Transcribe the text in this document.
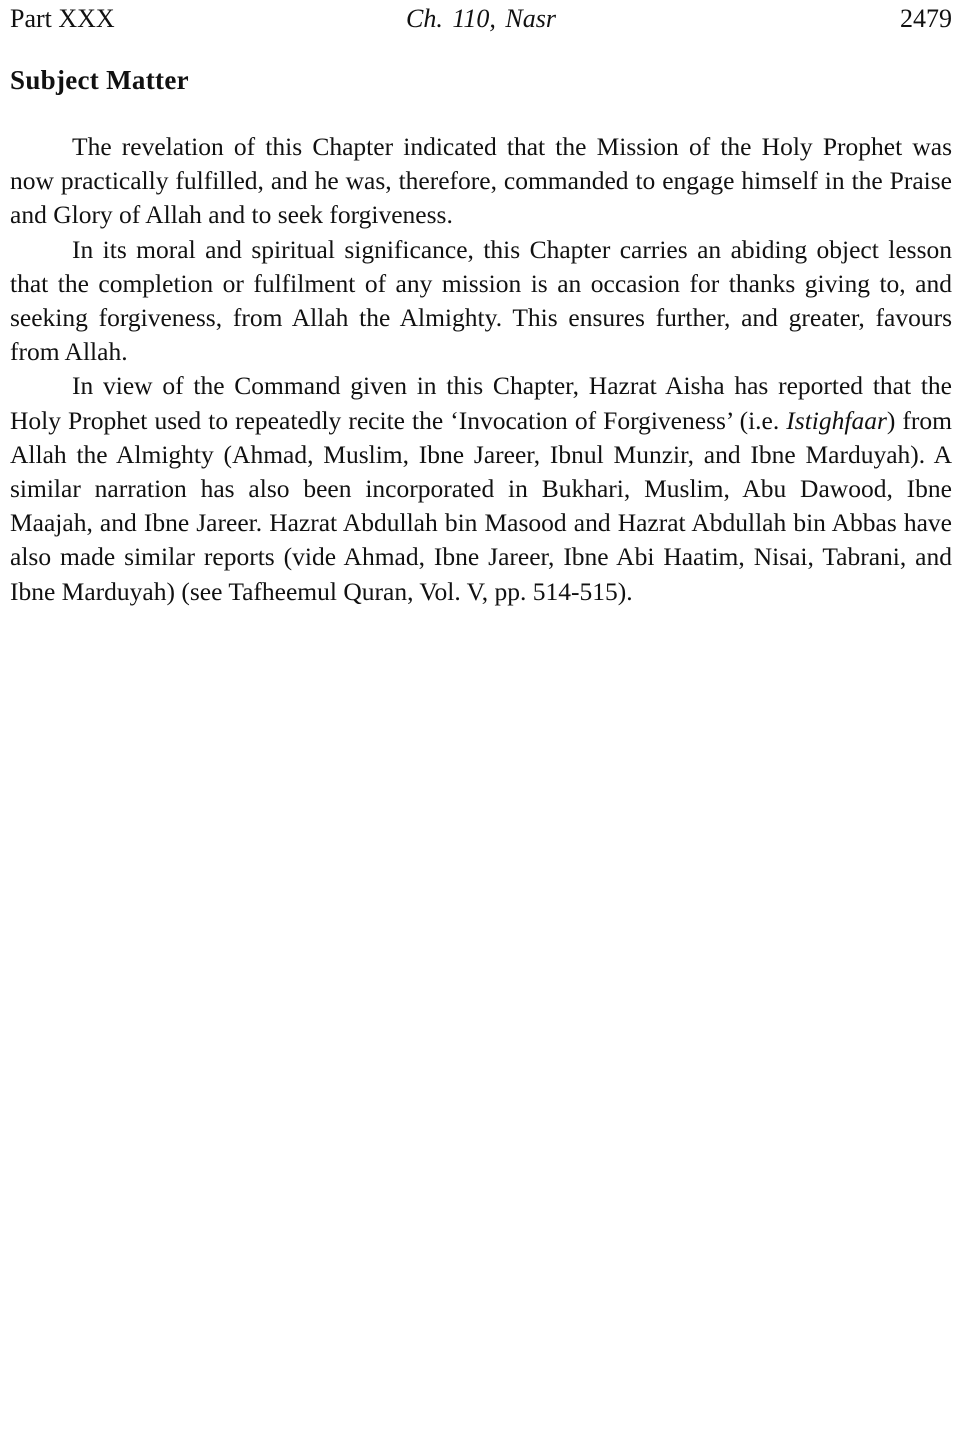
Part XXX	Ch. 110, Nasr	2479
Subject Matter

The revelation of this Chapter indicated that the Mission of the Holy Prophet was now practically fulfilled, and he was, therefore, commanded to engage himself in the Praise and Glory of Allah and to seek forgiveness.

In its moral and spiritual significance, this Chapter carries an abiding object lesson that the completion or fulfilment of any mission is an occasion for thanks giving to, and seeking forgiveness, from Allah the Almighty. This ensures further, and greater, favours from Allah.

In view of the Command given in this Chapter, Hazrat Aisha has reported that the Holy Prophet used to repeatedly recite the ‘Invocation of Forgiveness’ (i.e. Istighfaar) from Allah the Almighty (Ahmad, Muslim, Ibne Jareer, Ibnul Munzir, and Ibne Marduyah). A similar narration has also been incorporated in Bukhari, Muslim, Abu Dawood, Ibne Maajah, and Ibne Jareer. Hazrat Abdullah bin Masood and Hazrat Abdullah bin Abbas have also made similar reports (vide Ahmad, Ibne Jareer, Ibne Abi Haatim, Nisai, Tabrani, and Ibne Marduyah) (see Tafheemul Quran, Vol. V, pp. 514-515).
